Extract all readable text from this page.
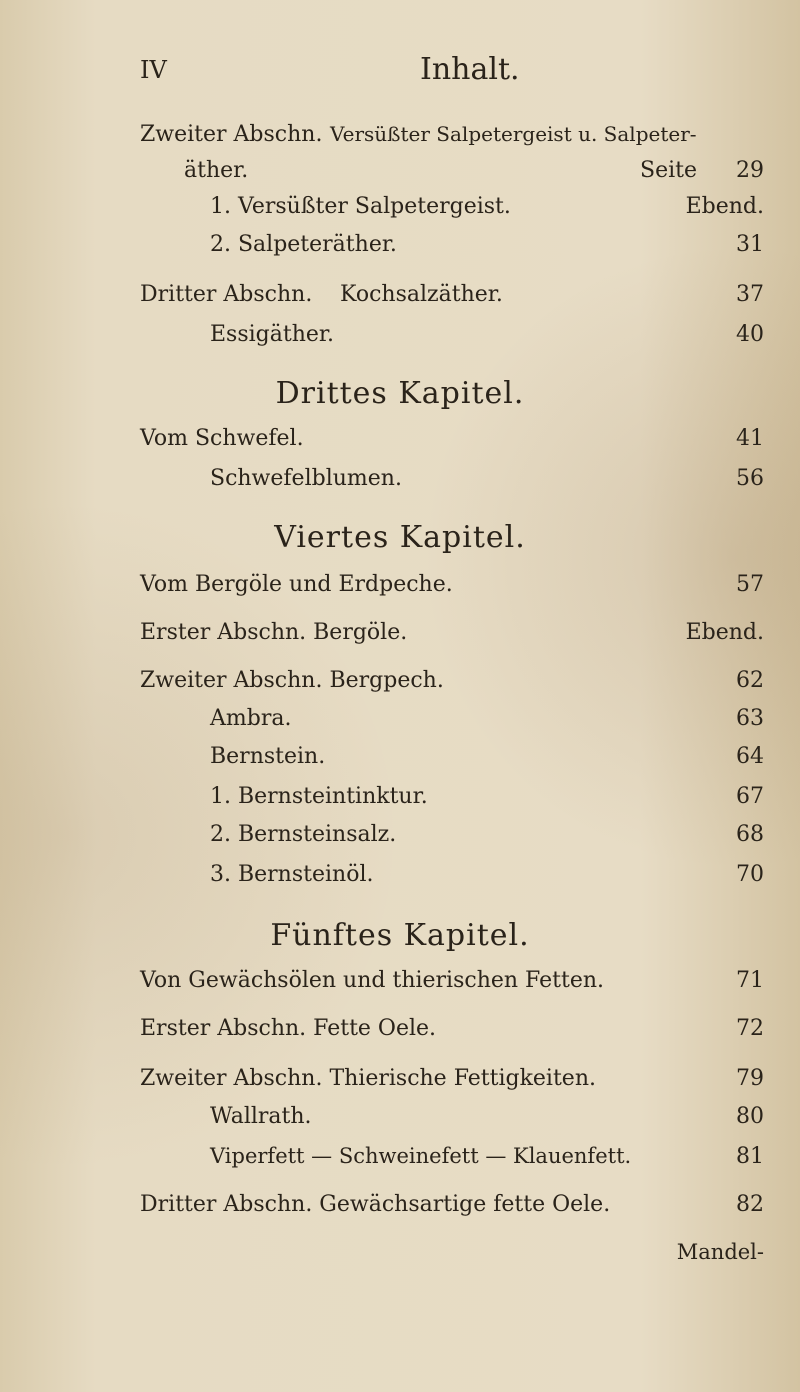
IV	Inhalt.
Zweiter Abschn. Versüßter Salpetergeist u. Salpeter-
äther.	Seite 29
1. Versüßter Salpetergeist.	Ebend.
2. Salpeteräther.	31
Dritter Abschn. Kochsalzäther.	37
Essigäther.	40
Drittes Kapitel.
Vom Schwefel.	41
Schwefelblumen.	56
Viertes Kapitel.
Vom Bergöle und Erdpeche.	57
Erster Abschn. Bergöle.	Ebend.
Zweiter Abschn. Bergpech.	62
Ambra.	63
Bernstein.	64
1. Bernsteintinktur.	67
2. Bernsteinsalz.	68
3. Bernsteinöl.	70
Fünftes Kapitel.
Von Gewächsölen und thierischen Fetten.	71
Erster Abschn. Fette Oele.	72
Zweiter Abschn. Thierische Fettigkeiten.	79
Wallrath.	80
Viperfett — Schweinefett — Klauenfett.	81
Dritter Abschn. Gewächsartige fette Oele.	82
Mandel-
